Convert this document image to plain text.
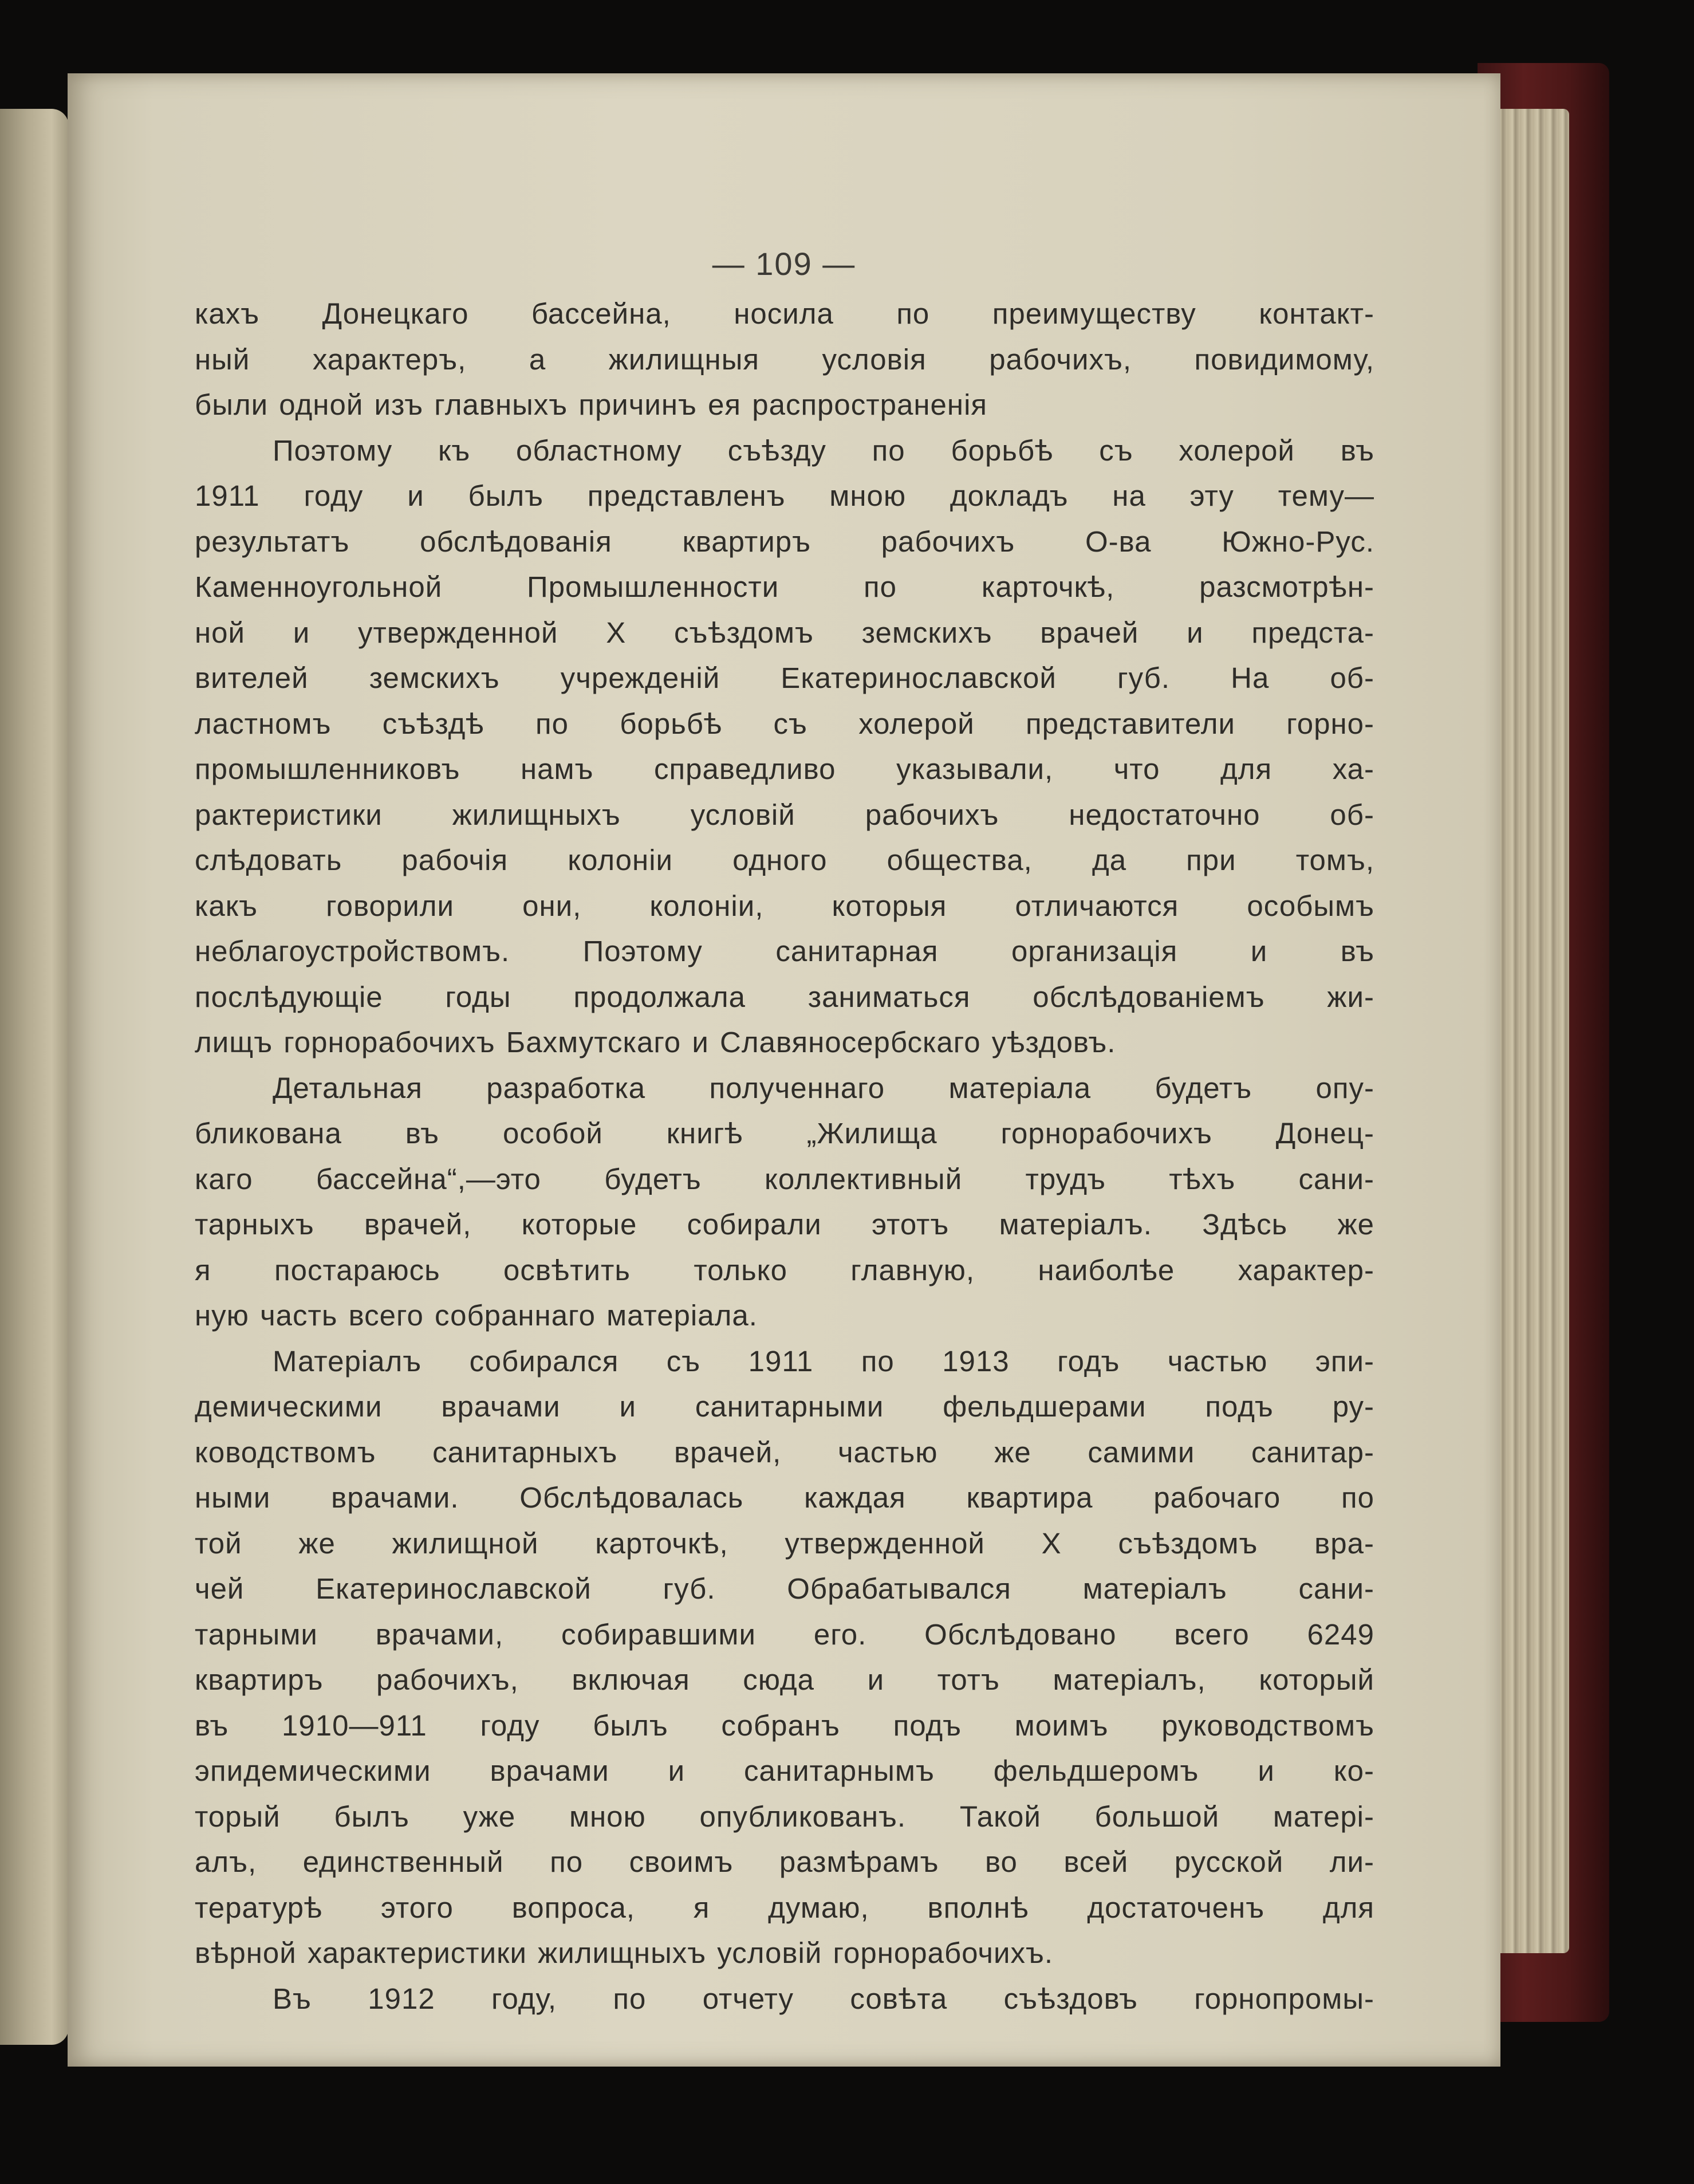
— 109 —
кахъ Донецкаго бассейна, носила по преимуществу контакт-
ный характеръ, а жилищныя условiя рабочихъ, повидимому,
были одной изъ главныхъ причинъ ея распространенiя
Поэтому къ областному съѣзду по борьбѣ съ холерой въ
1911 году и былъ представленъ мною докладъ на эту тему—
результатъ обслѣдованiя квартиръ рабочихъ О-ва Южно-Рус.
Каменноугольной Промышленности по карточкѣ, разсмотрѣн-
ной и утвержденной X съѣздомъ земскихъ врачей и предста-
вителей земскихъ учрежденiй Екатеринославской губ. На об-
ластномъ съѣздѣ по борьбѣ съ холерой представители горно-
промышленниковъ намъ справедливо указывали, что для ха-
рактеристики жилищныхъ условiй рабочихъ недостаточно об-
слѣдовать рабочiя колонiи одного общества, да при томъ,
какъ говорили они, колонiи, которыя отличаются особымъ
неблагоустройствомъ. Поэтому санитарная организацiя и въ
послѣдующiе годы продолжала заниматься обслѣдованiемъ жи-
лищъ горнорабочихъ Бахмутскаго и Славяносербскаго уѣздовъ.
Детальная разработка полученнаго матерiала будетъ опу-
бликована въ особой книгѣ „Жилища горнорабочихъ Донец-
каго бассейна“,—это будетъ коллективный трудъ тѣхъ сани-
тарныхъ врачей, которые собирали этотъ матерiалъ. Здѣсь же
я постараюсь освѣтить только главную, наиболѣе характер-
ную часть всего собраннаго матерiала.
Матерiалъ собирался съ 1911 по 1913 годъ частью эпи-
демическими врачами и санитарными фельдшерами подъ ру-
ководствомъ санитарныхъ врачей, частью же самими санитар-
ными врачами. Обслѣдовалась каждая квартира рабочаго по
той же жилищной карточкѣ, утвержденной X съѣздомъ вра-
чей Екатеринославской губ. Обрабатывался матерiалъ сани-
тарными врачами, собиравшими его. Обслѣдовано всего 6249
квартиръ рабочихъ, включая сюда и тотъ матерiалъ, который
въ 1910—911 году былъ собранъ подъ моимъ руководствомъ
эпидемическими врачами и санитарнымъ фельдшеромъ и ко-
торый былъ уже мною опубликованъ. Такой большой матерi-
алъ, единственный по своимъ размѣрамъ во всей русской ли-
тературѣ этого вопроса, я думаю, вполнѣ достаточенъ для
вѣрной характеристики жилищныхъ условiй горнорабочихъ.
Въ 1912 году, по отчету совѣта съѣздовъ горнопромы-
